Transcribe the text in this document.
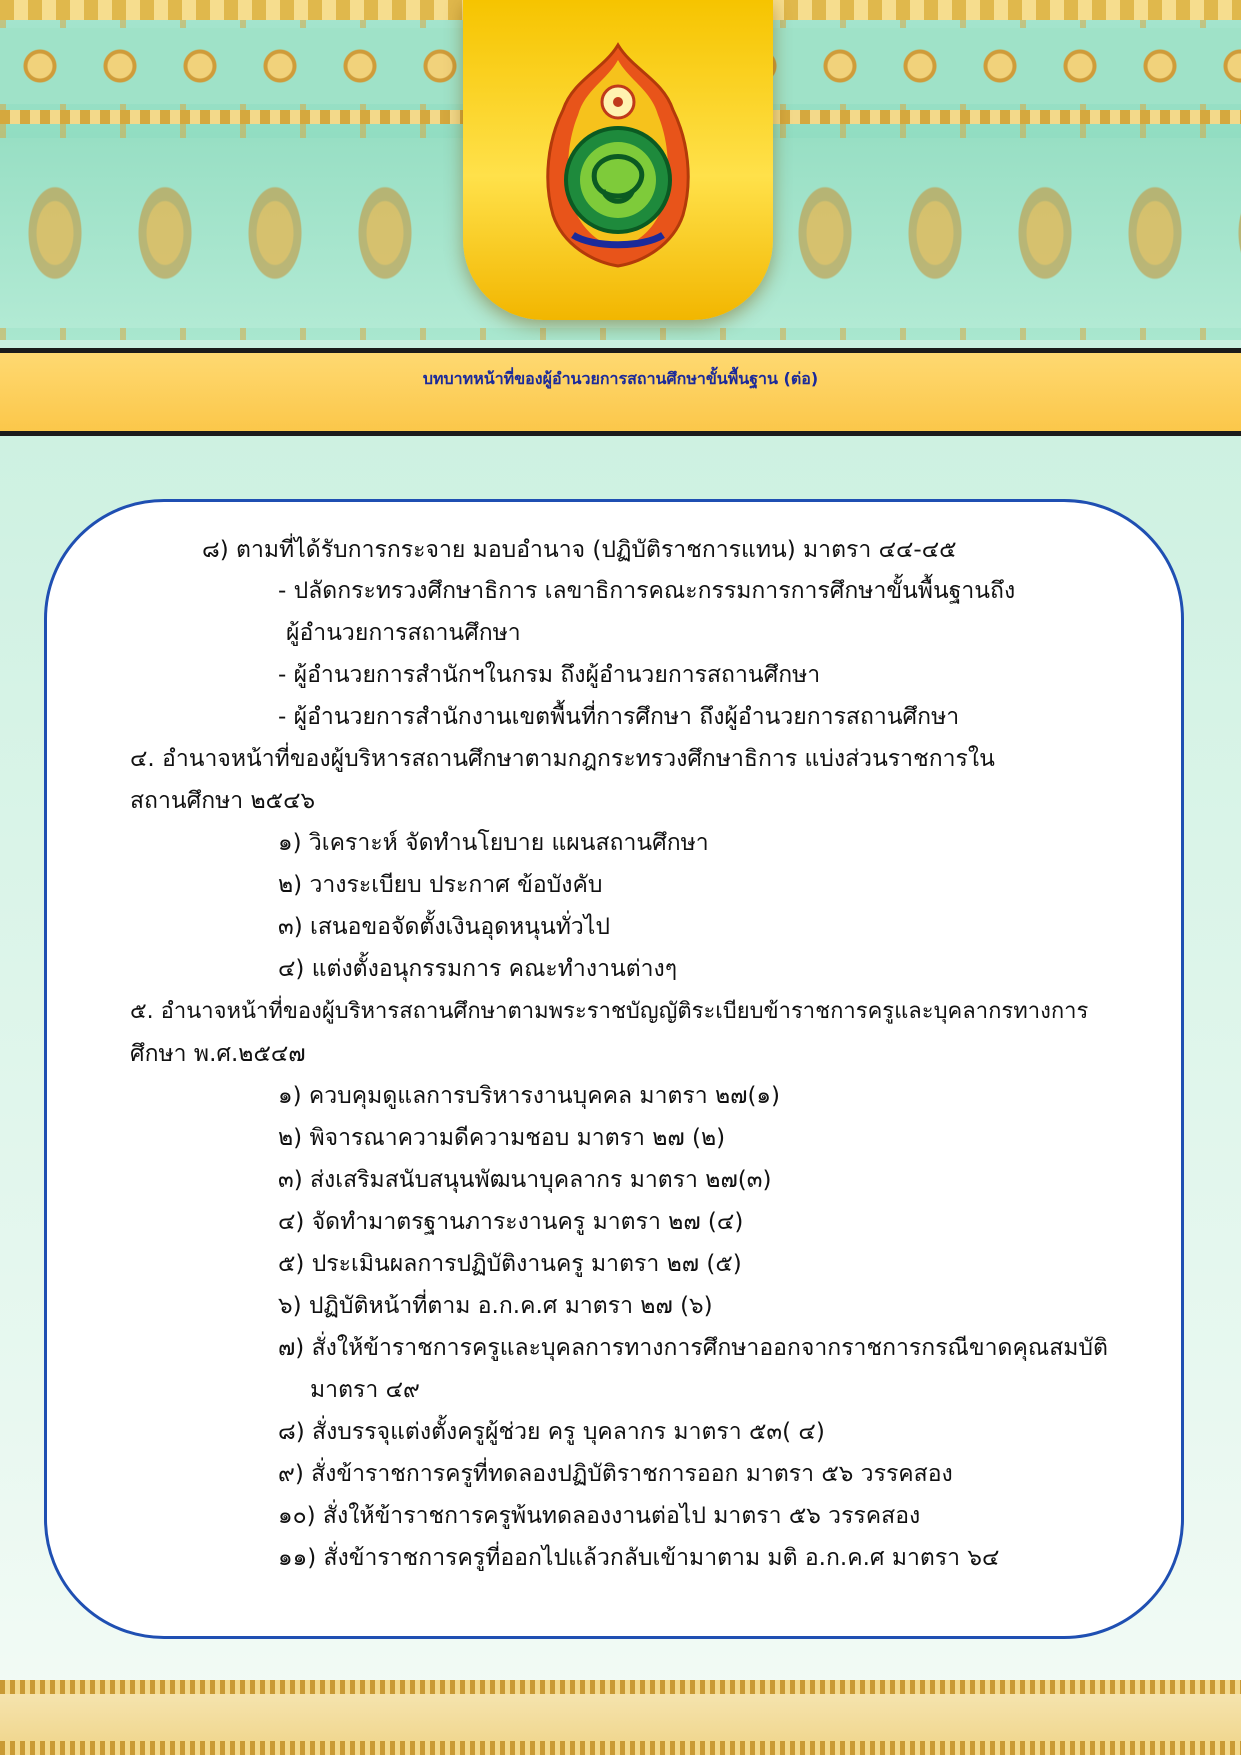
บทบาทหน้าที่ของผู้อำนวยการสถานศึกษาขั้นพื้นฐาน (ต่อ)
๘) ตามที่ได้รับการกระจาย มอบอำนาจ (ปฏิบัติราชการแทน) มาตรา ๔๔-๔๕
- ปลัดกระทรวงศึกษาธิการ เลขาธิการคณะกรรมการการศึกษาขั้นพื้นฐานถึง
ผู้อำนวยการสถานศึกษา
- ผู้อำนวยการสำนักฯในกรม ถึงผู้อำนวยการสถานศึกษา
- ผู้อำนวยการสำนักงานเขตพื้นที่การศึกษา ถึงผู้อำนวยการสถานศึกษา
๔. อำนาจหน้าที่ของผู้บริหารสถานศึกษาตามกฎกระทรวงศึกษาธิการ แบ่งส่วนราชการใน
สถานศึกษา ๒๕๔๖
๑) วิเคราะห์ จัดทำนโยบาย แผนสถานศึกษา
๒) วางระเบียบ ประกาศ ข้อบังคับ
๓) เสนอขอจัดตั้งเงินอุดหนุนทั่วไป
๔) แต่งตั้งอนุกรรมการ คณะทำงานต่างๆ
๕. อำนาจหน้าที่ของผู้บริหารสถานศึกษาตามพระราชบัญญัติระเบียบข้าราชการครูและบุคลากรทางการ
ศึกษา พ.ศ.๒๕๔๗
๑) ควบคุมดูแลการบริหารงานบุคคล มาตรา ๒๗(๑)
๒) พิจารณาความดีความชอบ มาตรา ๒๗ (๒)
๓) ส่งเสริมสนับสนุนพัฒนาบุคลากร มาตรา ๒๗(๓)
๔) จัดทำมาตรฐานภาระงานครู มาตรา ๒๗ (๔)
๕) ประเมินผลการปฏิบัติงานครู มาตรา ๒๗ (๕)
๖) ปฏิบัติหน้าที่ตาม อ.ก.ค.ศ มาตรา ๒๗ (๖)
๗) สั่งให้ข้าราชการครูและบุคลการทางการศึกษาออกจากราชการกรณีขาดคุณสมบัติ
มาตรา ๔๙
๘) สั่งบรรจุแต่งตั้งครูผู้ช่วย ครู บุคลากร มาตรา ๕๓( ๔)
๙) สั่งข้าราชการครูที่ทดลองปฏิบัติราชการออก มาตรา ๕๖ วรรคสอง
๑๐) สั่งให้ข้าราชการครูพ้นทดลองงานต่อไป มาตรา ๕๖ วรรคสอง
๑๑) สั่งข้าราชการครูที่ออกไปแล้วกลับเข้ามาตาม มติ อ.ก.ค.ศ มาตรา ๖๔
